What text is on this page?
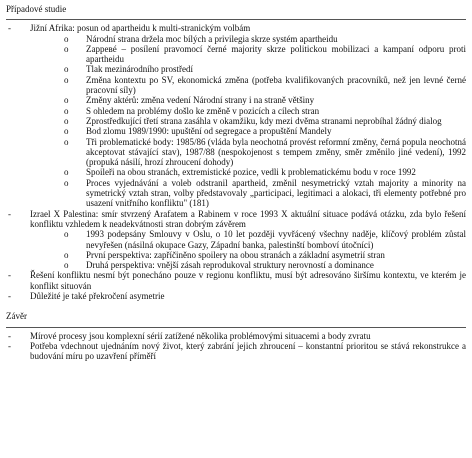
Případové studie
-	Jižní Afrika: posun od apartheidu k multi-stranickým volbám
o	Národní strana držela moc bílých a privilegia skrze systém apartheidu
o	Zapревé – posílení pravomocí černé majority skrze politickou mobilizaci a kampaní odporu proti apartheidu
o	Tlak mezinárodního prostředí
o	Změna kontextu po SV, ekonomická změna (potřeba kvalifikovaných pracovníků, než jen levné černé pracovní síly)
o	Změny aktérů: změna vedení Národní strany i na straně většiny
o	S ohledem na problémy došlo ke změně v pozicích a cílech stran
o	Zprostředkující třetí strana zasáhla v okamžiku, kdy mezi dvěma stranami neprobíhal žádný dialog
o	Bod zlomu 1989/1990: upuštění od segregace a propuštění Mandely
o	Tři problematické body: 1985/86 (vláda byla neochotná provést reformní změny, černá popula neochotná akceptovat stávající stav), 1987/88 (nespokojenost s tempem změny, směr změnilo jiné vedení), 1992 (propuká násilí, hrozí zhroucení dohody)
o	Spoilеři na obou stranách, extremistické pozice, vedli k problematickému bodu v roce 1992
o	Proces vyjednávání a voleb odstranil apartheid, změnil nesymetrický vztah majority a minority na symetrický vztah stran, volby představovaly „participaci, legitimaci a alokaci, tři elementy potřebné pro usazení vnitřního konfliktu" (181)
-	Izrael X Palestina: smír stvrzený Arafatem a Rabinem v roce 1993 X aktuální situace podává otázku, zda bylo řešení konfliktu vzhledem k neadekvátnosti stran dobrým závěrem
o	1993 podepsány Smlouvy v Oslu, o 10 let později vyvřácený všechny naděje, klíčový problém zůstal nevyřešen (násilná okupace Gazy, Západní banka, palestinští bomboví útočníci)
o	První perspektiva: zapříčiněno spoilery na obou stranách a základní asymetrií stran
o	Druhá perspektiva: vnější zásah reprodukoval strukturу nerovností a dominance
-	Řešení konfliktu nesmí být ponecháno pouze v regionu konfliktu, musí být adresováno širšímu kontextu, ve kterém je konflikt situován
-	Důležité je také překročení asymetrie
Závěr
-	Mírové procesy jsou komplexní sérií zatížené několika problémovými situacemi a body zvratu
-	Potřeba vdechnout ujednáním nový život, který zabrání jejich zhroucení – konstantní prioritou se stává rekonstrukce a budování míru po uzavření příměří
